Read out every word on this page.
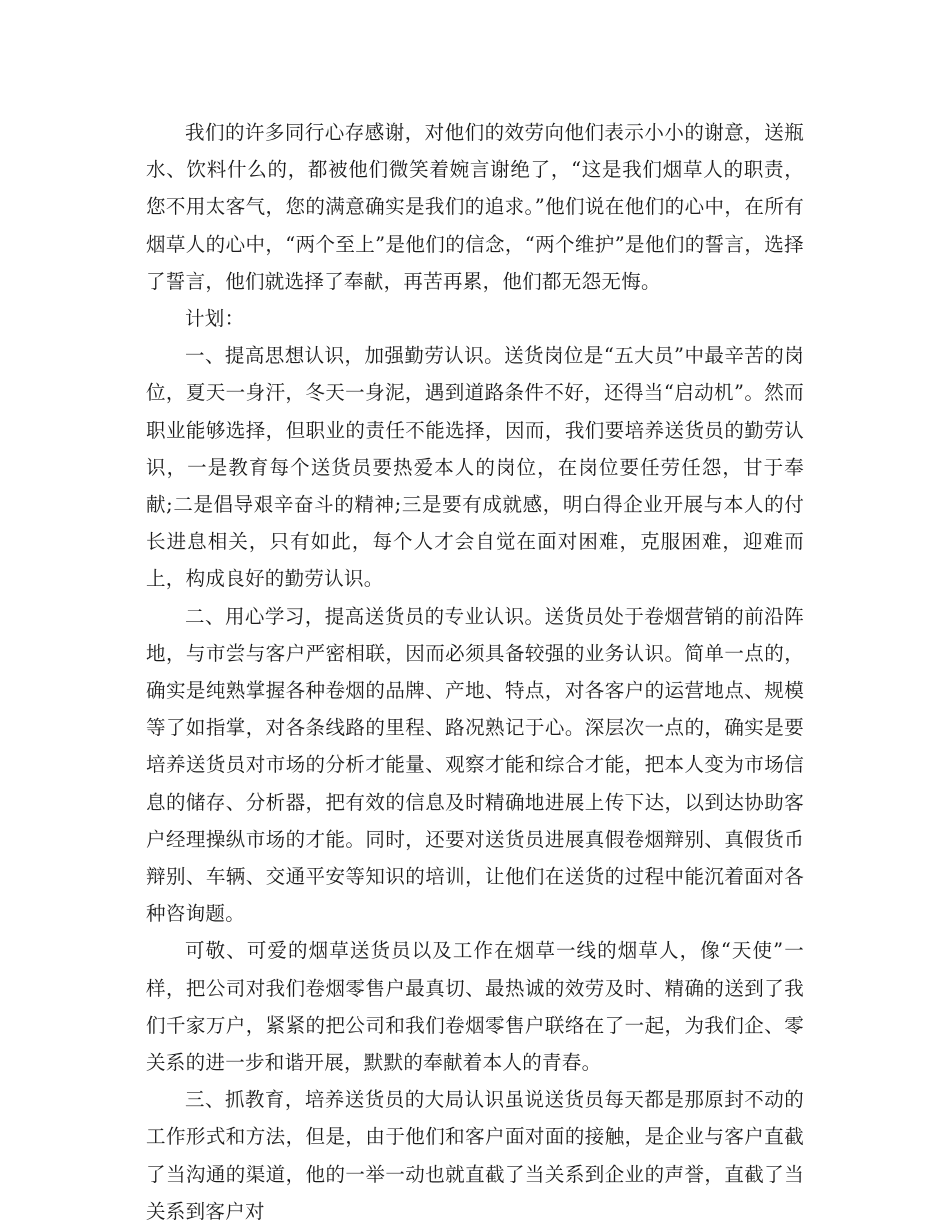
我们的许多同行心存感谢，对他们的效劳向他们表示小小的谢意，送瓶水、饮料什么的，都被他们微笑着婉言谢绝了，“这是我们烟草人的职责，您不用太客气，您的满意确实是我们的追求。”他们说在他们的心中，在所有烟草人的心中，“两个至上”是他们的信念，“两个维护”是他们的誓言，选择了誓言，他们就选择了奉献，再苦再累，他们都无怨无悔。

计划：

一、提高思想认识，加强勤劳认识。送货岗位是“五大员”中最辛苦的岗位，夏天一身汗，冬天一身泥，遇到道路条件不好，还得当“启动机”。然而职业能够选择，但职业的责任不能选择，因而，我们要培养送货员的勤劳认识，一是教育每个送货员要热爱本人的岗位，在岗位要任劳任怨，甘于奉献;二是倡导艰辛奋斗的精神;三是要有成就感，明白得企业开展与本人的付长进息相关，只有如此，每个人才会自觉在面对困难，克服困难，迎难而上，构成良好的勤劳认识。

二、用心学习，提高送货员的专业认识。送货员处于卷烟营销的前沿阵地，与市尝与客户严密相联，因而必须具备较强的业务认识。简单一点的，确实是纯熟掌握各种卷烟的品牌、产地、特点，对各客户的运营地点、规模等了如指掌，对各条线路的里程、路况熟记于心。深层次一点的，确实是要培养送货员对市场的分析才能量、观察才能和综合才能，把本人变为市场信息的储存、分析器，把有效的信息及时精确地进展上传下达，以到达协助客户经理操纵市场的才能。同时，还要对送货员进展真假卷烟辩别、真假货币辩别、车辆、交通平安等知识的培训，让他们在送货的过程中能沉着面对各种咨询题。

可敬、可爱的烟草送货员以及工作在烟草一线的烟草人，像“天使”一样，把公司对我们卷烟零售户最真切、最热诚的效劳及时、精确的送到了我们千家万户，紧紧的把公司和我们卷烟零售户联络在了一起，为我们企、零关系的进一步和谐开展，默默的奉献着本人的青春。

三、抓教育，培养送货员的大局认识虽说送货员每天都是那原封不动的工作形式和方法，但是，由于他们和客户面对面的接触，是企业与客户直截了当沟通的渠道，他的一举一动也就直截了当关系到企业的声誉，直截了当关系到客户对
